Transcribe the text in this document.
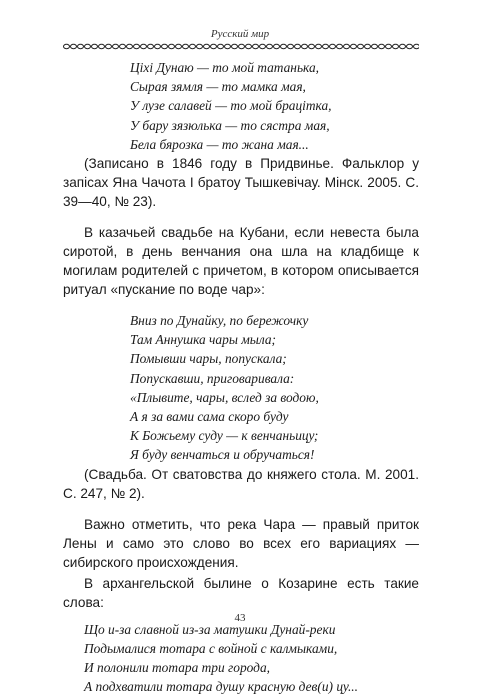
Русский мир
Ціхі Дунаю — то мой татанька,
Сырая зямля — то мамка мая,
У лузе салавей — то мой брацітка,
У бару зязюлька — то сястра мая,
Бела бярозка — то жана мая...
(Записано в 1846 году в Придвинье. Фальклор у запісах Яна Чачота І братоу Тышкевічау. Мінск. 2005. С. 39—40, № 23).

В казачьей свадьбе на Кубани, если невеста была сиротой, в день венчания она шла на кладбище к могилам родителей с причетом, в котором описывается ритуал «пускание по воде чар»:

Вниз по Дунайку, по бережочку
Там Аннушка чары мыла;
Помывши чары, попускала;
Попускавши, приговаривала:
«Плывите, чары, вслед за водою,
А я за вами сама скоро буду
К Божьему суду — к венчаньицу;
Я буду венчаться и обручаться!
(Свадьба. От сватовства до княжего стола. М. 2001. С. 247, № 2).

Важно отметить, что река Чара — правый приток Лены и само это слово во всех его вариациях — сибирского происхождения.

В архангельской былине о Козарине есть такие слова:

Що и-за славной из-за матушки Дунай-реки
Подымалися тотара с войной с калмыками,
И полонили тотара три города,
А подхватили тотара душу красную дев(и) цу...
43
